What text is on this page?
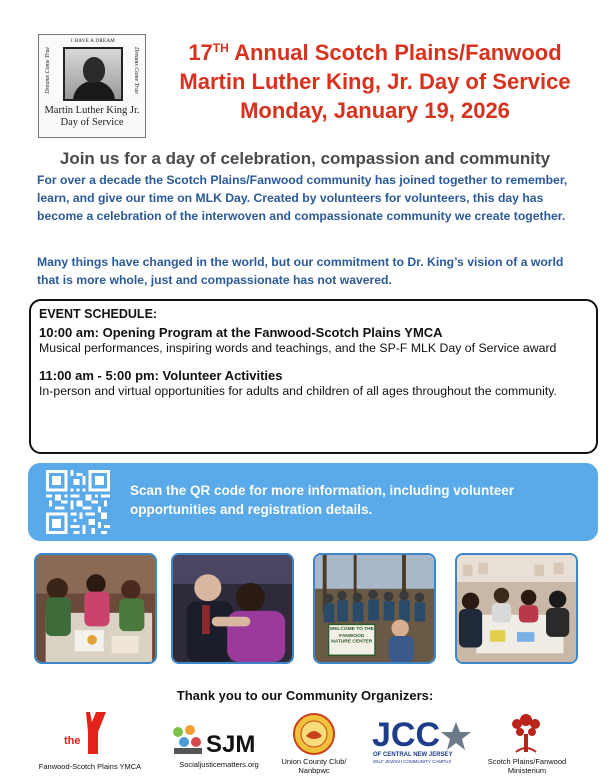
I HAVE A DREAM
Dreams Come True	Dreams Come True
Martin Luther King Jr.
Day of Service
17TH Annual Scotch Plains/Fanwood
Martin Luther King, Jr. Day of Service
Monday, January 19, 2026
Join us for a day of celebration, compassion and community
For over a decade the Scotch Plains/Fanwood community has joined together to remember, learn, and give our time on MLK Day. Created by volunteers for volunteers, this day has become a celebration of the interwoven and compassionate community we create together.
Many things have changed in the world, but our commitment to Dr. King’s vision of a world that is more whole, just and compassionate has not wavered.
EVENT SCHEDULE:
10:00 am: Opening Program at the Fanwood-Scotch Plains YMCA
Musical performances, inspiring words and teachings, and the SP-F MLK Day of Service award
11:00 am - 5:00 pm: Volunteer Activities
In-person and virtual opportunities for adults and children of all ages throughout the community.
Scan the QR code for more information, including volunteer opportunities and registration details.
WELCOME TO THE FANWOOD NATURE CENTER
Thank you to our Community Organizers:
the
Fanwood-Scotch Plains YMCA
SJM
Socialjusticematters.org	Union County Club/ Nanbpwc
JCC
OF CENTRAL NEW JERSEY
WILF JEWISH COMMUNITY CAMPUS	Scotch Plains/Fanwood Ministerium
